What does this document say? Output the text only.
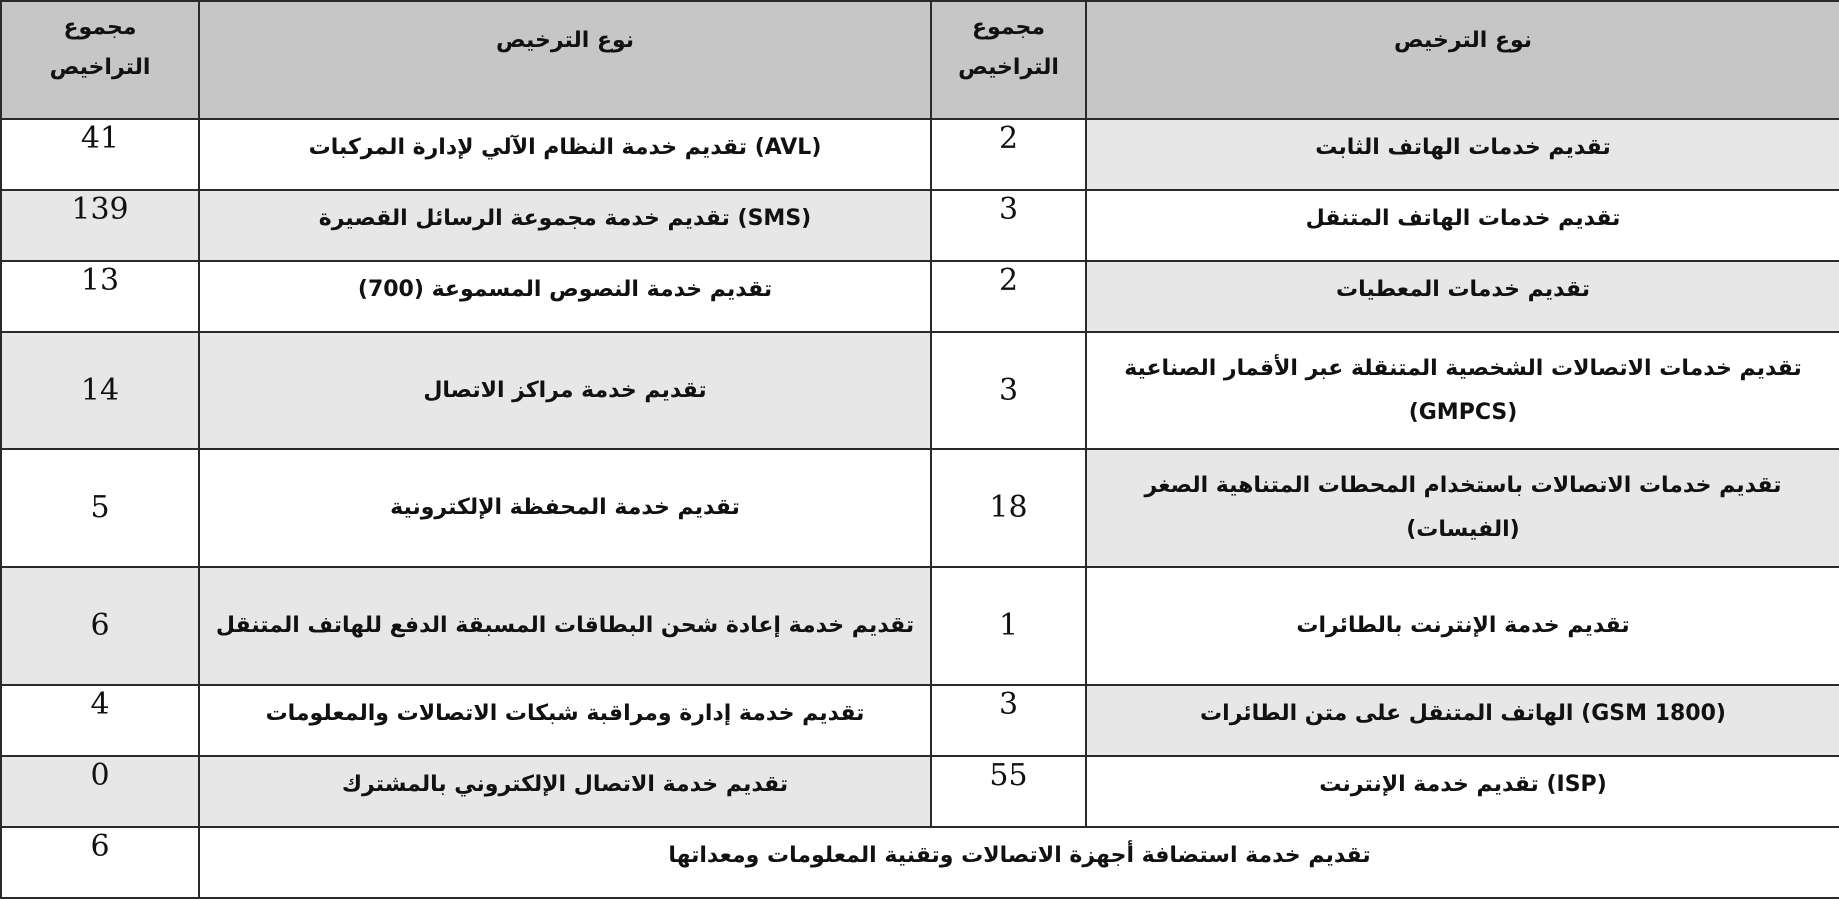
مجموع التراخيص	نوع الترخيص	مجموع التراخيص	نوع الترخيص
41	(AVL) تقديم خدمة النظام الآلي لإدارة المركبات	2	تقديم خدمات الهاتف الثابت
139	(SMS) تقديم خدمة مجموعة الرسائل القصيرة	3	تقديم خدمات الهاتف المتنقل
13	تقديم خدمة النصوص المسموعة (700)	2	تقديم خدمات المعطيات
14	تقديم خدمة مراكز الاتصال	3	تقديم خدمات الاتصالات الشخصية المتنقلة عبر الأقمار الصناعية (GMPCS)
5	تقديم خدمة المحفظة الإلكترونية	18	تقديم خدمات الاتصالات باستخدام المحطات المتناهية الصغر (الفيسات)
6	تقديم خدمة إعادة شحن البطاقات المسبقة الدفع للهاتف المتنقل	1	تقديم خدمة الإنترنت بالطائرات
4	تقديم خدمة إدارة ومراقبة شبكات الاتصالات والمعلومات	3	(GSM 1800) الهاتف المتنقل على متن الطائرات
0	تقديم خدمة الاتصال الإلكتروني بالمشترك	55	(ISP) تقديم خدمة الإنترنت
6	تقديم خدمة استضافة أجهزة الاتصالات وتقنية المعلومات ومعداتها		
